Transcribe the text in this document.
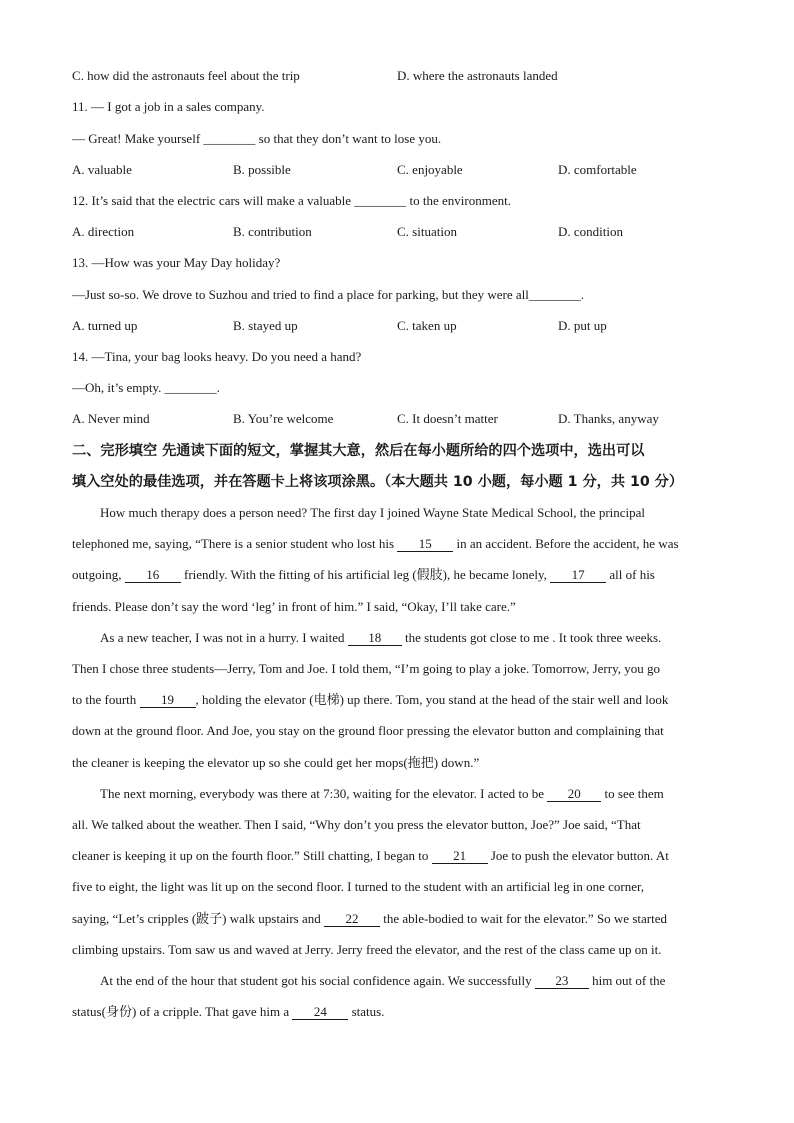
C. how did the astronauts feel about the trip	D. where the astronauts landed
11. — I got a job in a sales company.
— Great! Make yourself ________ so that they don’t want to lose you.
A. valuable	B. possible	C. enjoyable	D. comfortable
12. It’s said that the electric cars will make a valuable ________ to the environment.
A. direction	B. contribution	C. situation	D. condition
13. —How was your May Day holiday?
—Just so-so. We drove to Suzhou and tried to find a place for parking, but they were all________.
A. turned up	B. stayed up	C. taken up	D. put up
14. —Tina, your bag looks heavy. Do you need a hand?
—Oh, it’s empty. ________.
A. Never mind	B. You’re welcome	C. It doesn’t matter	D. Thanks, anyway
二、完形填空 先通读下面的短文，掌握其大意，然后在每小题所给的四个选项中，选出可以
填入空处的最佳选项，并在答题卡上将该项涂黑。（本大题共 10 小题，每小题 1 分，共 10 分）
How much therapy does a person need? The first day I joined Wayne State Medical School, the principal
telephoned me, saying, “There is a senior student who lost his 15 in an accident. Before the accident, he was
outgoing, 16 friendly. With the fitting of his artificial leg (假肢), he became lonely, 17 all of his
friends. Please don’t say the word ‘leg’ in front of him.” I said, “Okay, I’ll take care.”
As a new teacher, I was not in a hurry. I waited 18 the students got close to me . It took three weeks.
Then I chose three students—Jerry, Tom and Joe. I told them, “I’m going to play a joke. Tomorrow, Jerry, you go
to the fourth 19 , holding the elevator (电梯) up there. Tom, you stand at the head of the stair well and look
down at the ground floor. And Joe, you stay on the ground floor pressing the elevator button and complaining that
the cleaner is keeping the elevator up so she could get her mops(拖把) down.”
The next morning, everybody was there at 7:30, waiting for the elevator. I acted to be 20 to see them
all. We talked about the weather. Then I said, “Why don’t you press the elevator button, Joe?” Joe said, “That
cleaner is keeping it up on the fourth floor.” Still chatting, I began to 21 Joe to push the elevator button. At
five to eight, the light was lit up on the second floor. I turned to the student with an artificial leg in one corner,
saying, “Let’s cripples (跛子) walk upstairs and 22 the able-bodied to wait for the elevator.” So we started
climbing upstairs. Tom saw us and waved at Jerry. Jerry freed the elevator, and the rest of the class came up on it.
At the end of the hour that student got his social confidence again. We successfully 23 him out of the
status(身份) of a cripple. That gave him a 24 status.
